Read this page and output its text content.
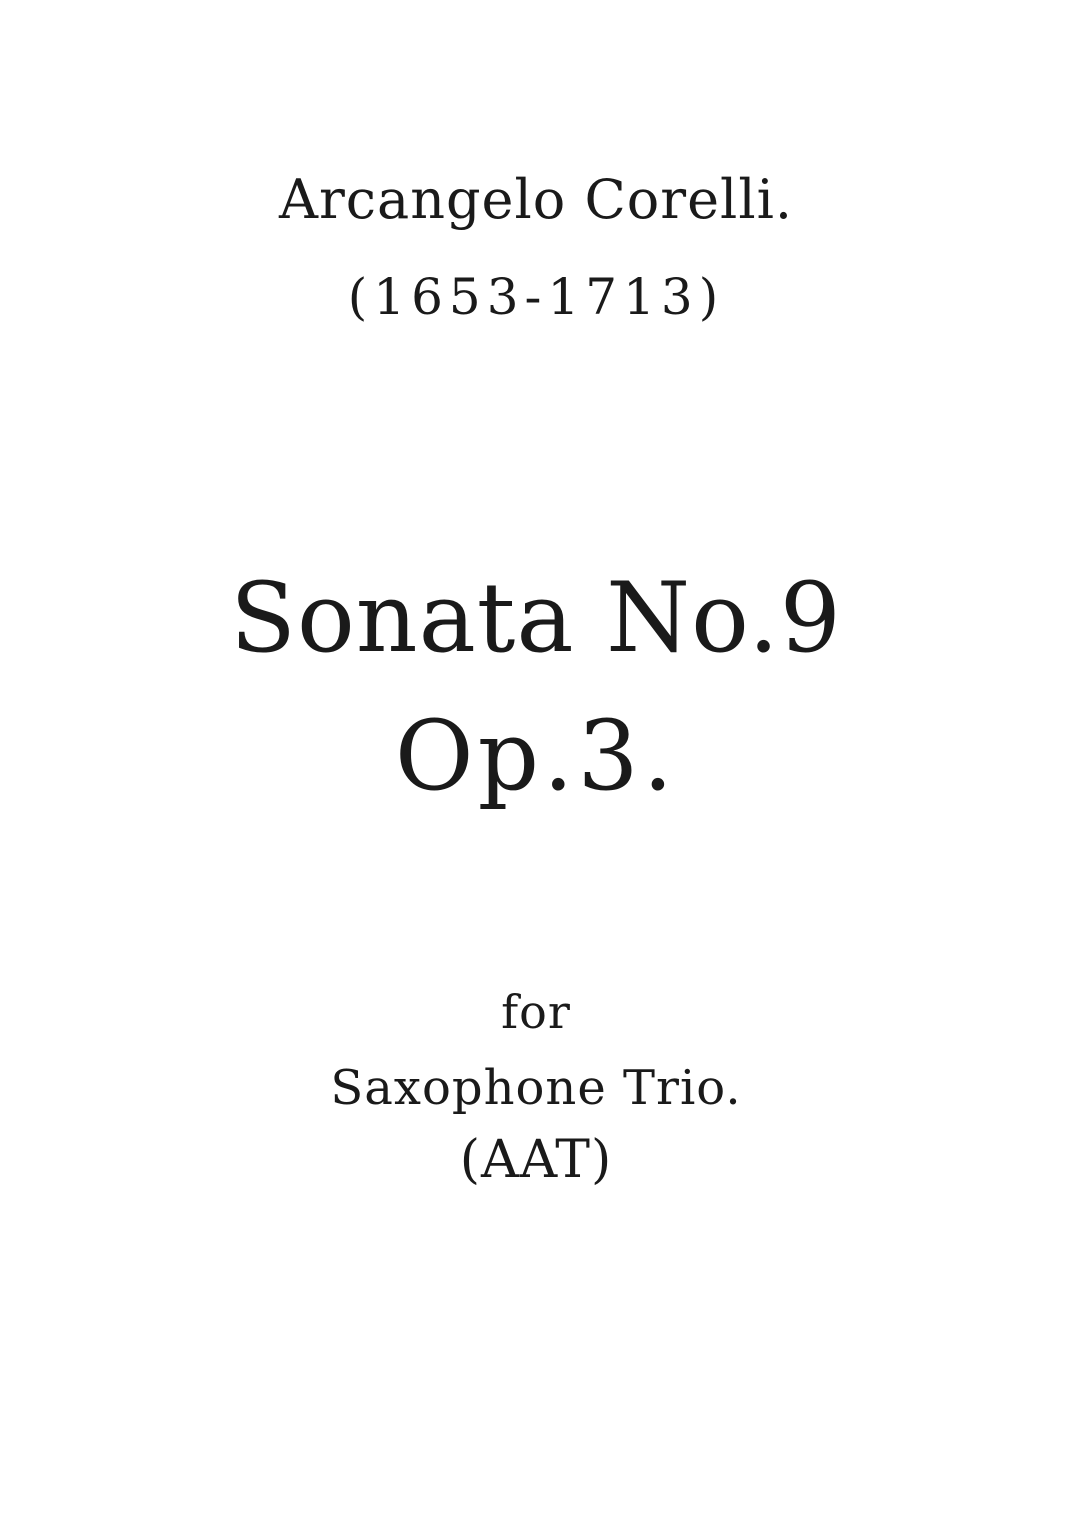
Arcangelo Corelli.
(1653-1713)
Sonata No.9
Op.3.
for
Saxophone Trio.
(AAT)
